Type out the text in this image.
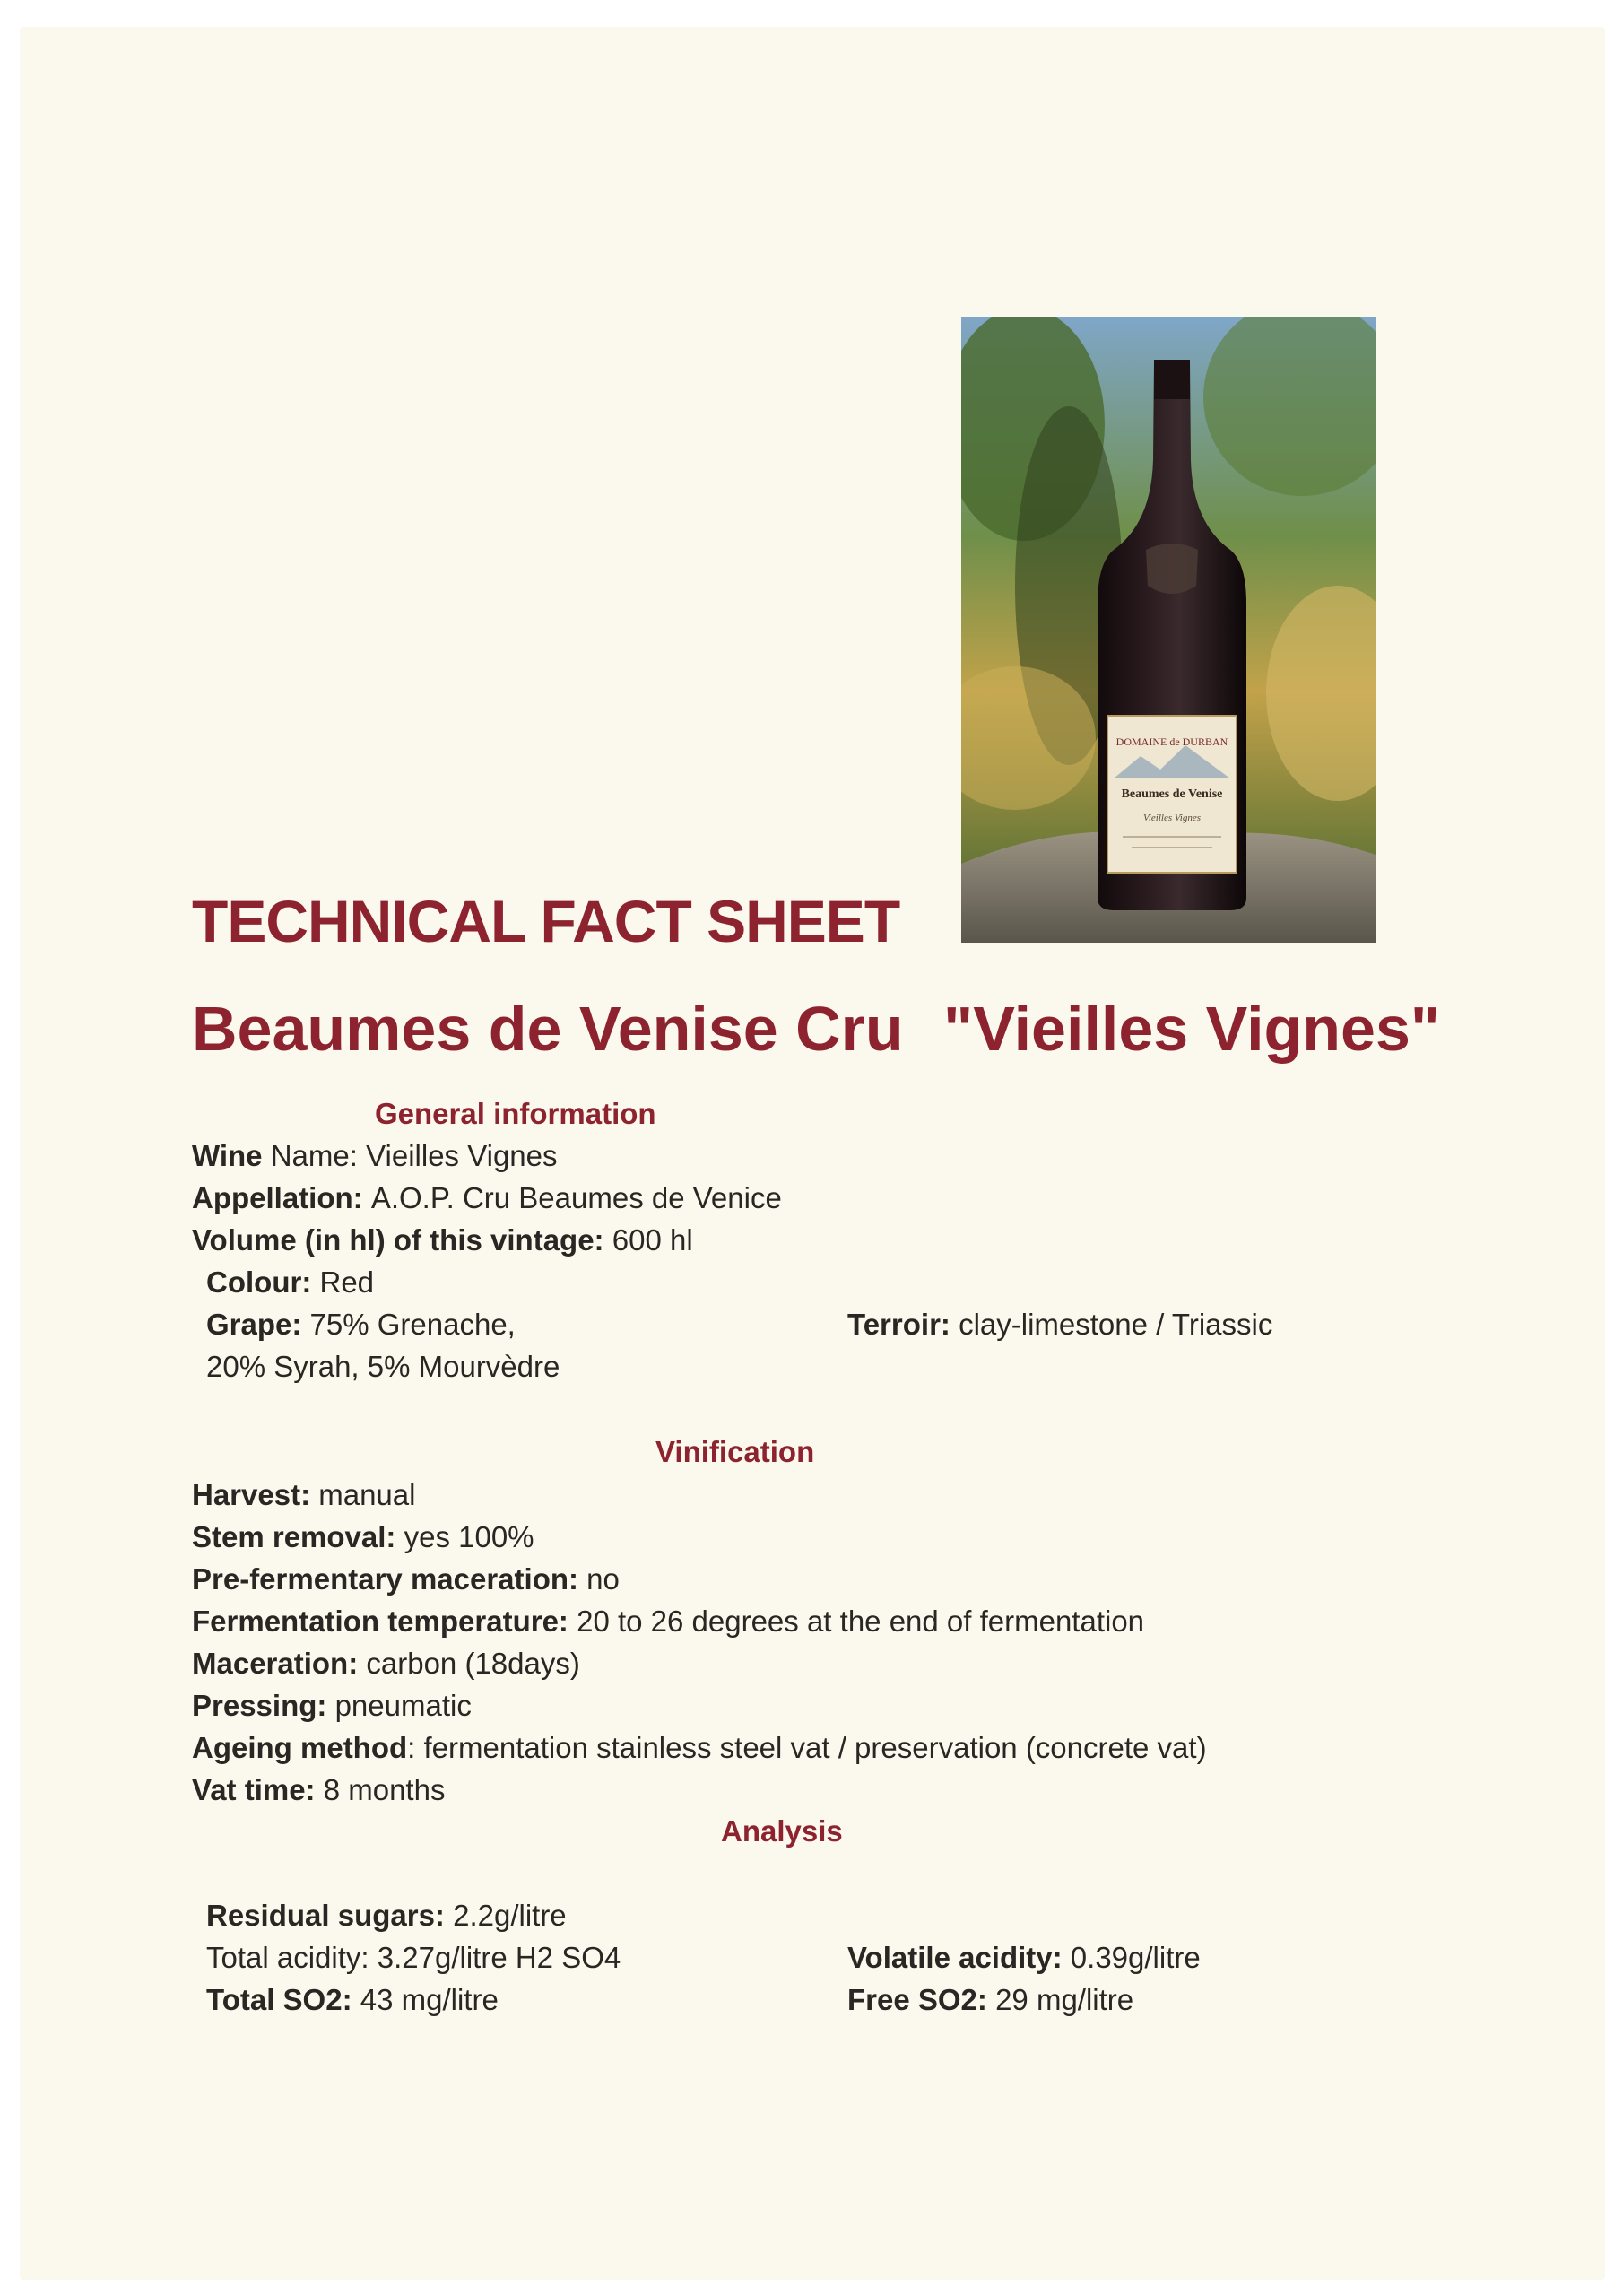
DOMAINE de DURBAN
Beaumes de Venise
Vieilles Vignes
TECHNICAL FACT SHEET
Beaumes de Venise Cru "Vieilles Vignes"
General information
Wine Name: Vieilles Vignes
Appellation: A.O.P. Cru Beaumes de Venice
Volume (in hl) of this vintage: 600 hl
Colour: Red
Grape: 75% Grenache,
20% Syrah, 5% Mourvèdre
Terroir: clay-limestone / Triassic
Vinification
Harvest: manual
Stem removal: yes 100%
Pre-fermentary maceration: no
Fermentation temperature: 20 to 26 degrees at the end of fermentation
Maceration: carbon (18days)
Pressing: pneumatic
Ageing method: fermentation stainless steel vat / preservation (concrete vat)
Vat time: 8 months
Analysis
Residual sugars: 2.2g/litre
Total acidity: 3.27g/litre H2 SO4
Total SO2: 43 mg/litre
Volatile acidity: 0.39g/litre
Free SO2: 29 mg/litre
